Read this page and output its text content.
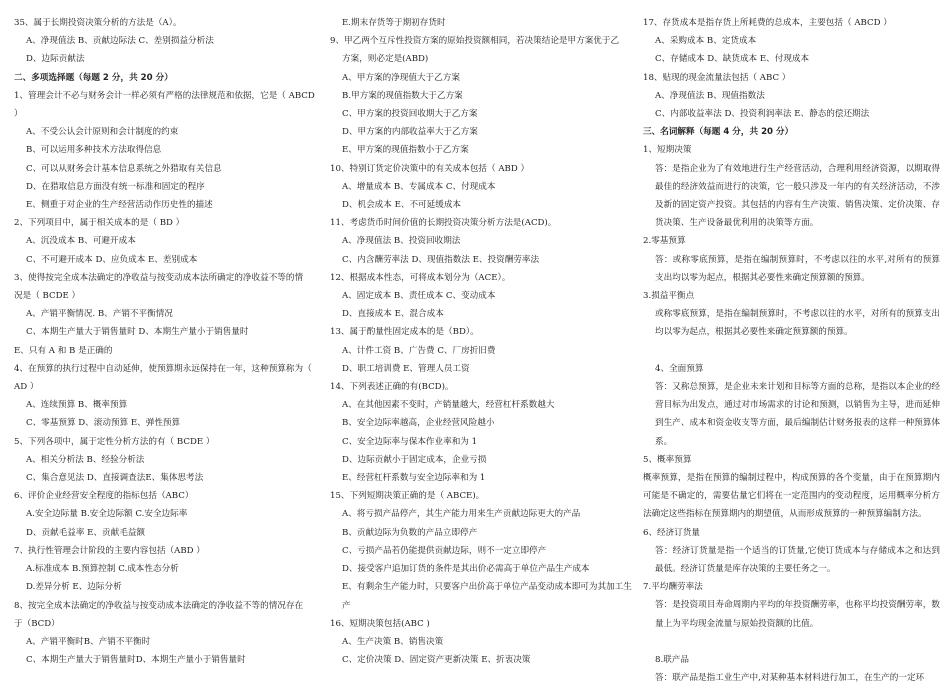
35、属于长期投资决策分析的方法是（A）。
A、净现值法 B、贡献边际法 C、差别损益分析法
D、边际贡献法
二、多项选择题（每题 2 分，共 20 分）
1、管理会计不必与财务会计一样必须有严格的法律规范和依据，它是（ ABCD
）
A、不受公认会计原则和会计制度的约束
B、可以运用多种技术方法取得信息
C、可以从财务会计基本信息系统之外猎取有关信息
D、在猎取信息方面没有统一标准和固定的程序
E、侧重于对企业的生产经营活动作历史性的描述
2、下列项目中，属于相关成本的是（ BD ）
A、沉没成本 B、可避开成本
C、不可避开成本 D、应负成本 E、差别成本
3、使得按完全成本法确定的净收益与按变动成本法所确定的净收益不等的情
况是（ BCDE ）
A、产销平衡情况. B、产销不平衡情况
C、本期生产量大于销售量时 D、本期生产量小于销售量时
E、只有 A 和 B 是正确的
4、在预算的执行过程中自动延伸，使预算期永远保持在一年，这种预算称为（
AD ）
A、连续预算 B、概率预算
C、零基预算 D、滚动预算 E、弹性预算
5、下列各项中，属于定性分析方法的有（ BCDE ）
A、相关分析法 B、经验分析法
C、集合意见法 D、直接调查法E、集体思考法
6、评价企业经营安全程度的指标包括（ABC）
A.安全边际量 B.安全边际额 C.安全边际率
D、贡献毛益率 E、贡献毛益额
7、执行性管理会计阶段的主要内容包括（ABD ）
A.标准成本 B.预算控制 C.成本性态分析
D.差异分析 E、边际分析
8、按完全成本法确定的净收益与按变动成本法确定的净收益不等的情况存在
于（BCD）
A、产销平衡时B、产销不平衡时
C、本期生产量大于销售量时D、本期生产量小于销售量时
E.期末存货等于期初存货时
9、甲乙两个互斥性投资方案的原始投资额相同，若决策结论是甲方案优于乙
方案，则必定是(ABD)
A、甲方案的净现值大于乙方案
B.甲方案的现值指数大于乙方案
C、甲方案的投资回收期大于乙方案
D、甲方案的内部收益率大于乙方案
E、甲方案的现值指数小于乙方案
10、特别订货定价决策中的有关成本包括（ ABD ）
A、增量成本 B、专属成本 C、付现成本
D、机会成本 E、不可延缓成本
11、考虑货币时间价值的长期投资决策分析方法是(ACD)。
A、净现值法 B、投资回收期法
C、内含酬劳率法 D、现值指数法 E、投资酬劳率法
12、根据成本性态，可将成本划分为（ACE）。
A、固定成本 B、责任成本 C、变动成本
D、直接成本 E、混合成本
13、属于酌量性固定成本的是（BD）。
A、计件工资 B、广告费 C、厂房折旧费
D、职工培训费 E、管理人员工资
14、下列表述正确的有(BCD)。
A、在其他因素不变时，产销量越大，经营杠杆系数越大
B、安全边际率越高，企业经营风险越小
C、安全边际率与保本作业率和为 1
D、边际贡献小于固定成本，企业亏损
E、经营杠杆系数与安全边际率和为 1
15、下列短期决策正确的是（ ABCE)。
A、将亏损产品停产，其生产能力用来生产贡献边际更大的产品
B、贡献边际为负数的产品立即停产
C、亏损产品若仍能提供贡献边际，则不一定立即停产
D、接受客户追加订货的条件是其出价必需高于单位产品生产成本
E、有剩余生产能力时，只要客户出价高于单位产品变动成本即可为其加工生
产
16、短期决策包括(ABC )
A、生产决策 B、销售决策
C、定价决策 D、固定资产更新决策 E、折衷决策
17、存货成本是指存货上所耗费的总成本，主要包括（ ABCD ）
A、采购成本 B、定货成本
C、存储成本 D、缺货成本 E、付现成本
18、贴现的现金流量法包括（ ABC ）
A、净现值法 B、现值指数法
C、内部收益率法 D、投资利润率法 E、静态的偿还期法
三、名词解释（每题 4 分，共 20 分）
1、短期决策
答：是指企业为了有效地进行生产经营活动，合理利用经济资源，以期取得最佳的经济效益而进行的决策，它一般只涉及一年内的有关经济活动，不涉及新的固定资产投资。其包括的内容有生产决策、销售决策、定价决策、存货决策、生产设备最优利用的决策等方面。
2.零基预算
答：或称零底预算，是指在编制预算时，不考虑以往的水平,对所有的预算支出均以零为起点，根据其必要性来确定预算额的预算。
3.损益平衡点
或称零底预算，是指在编制预算时，不考虑以往的水平，对所有的预算支出均以零为起点，根据其必要性来确定预算额的预算。
4、全面预算
答：又称总预算，是企业未来计划和目标等方面的总称，是指以本企业的经营目标为出发点，通过对市场需求的讨论和预测，以销售为主导，进而延伸到生产、成本和资金收支等方面，最后编制估计财务报表的这样一种预算体系。
5、概率预算
概率预算，是指在预算的编制过程中，构成预算的各个变量，由于在预算期内可能是不确定的，需要估量它们将在一定范围内的变动程度，运用概率分析方法确定这些指标在预算期内的期望值，从而形成预算的一种预算编制方法。
6、经济订货量
答：经济订货量是指一个适当的订货量,它使订货成本与存储成本之和达到最低。经济订货量是库存决策的主要任务之一。
7.平均酬劳率法
答：是投资项目寿命周期内平均的年投资酬劳率，也称平均投资酬劳率，数量上为平均现金流量与原始投资额的比值。
8.联产品
答：联产品是指工业生产中,对某种基本材料进行加工，在生产的一定环
